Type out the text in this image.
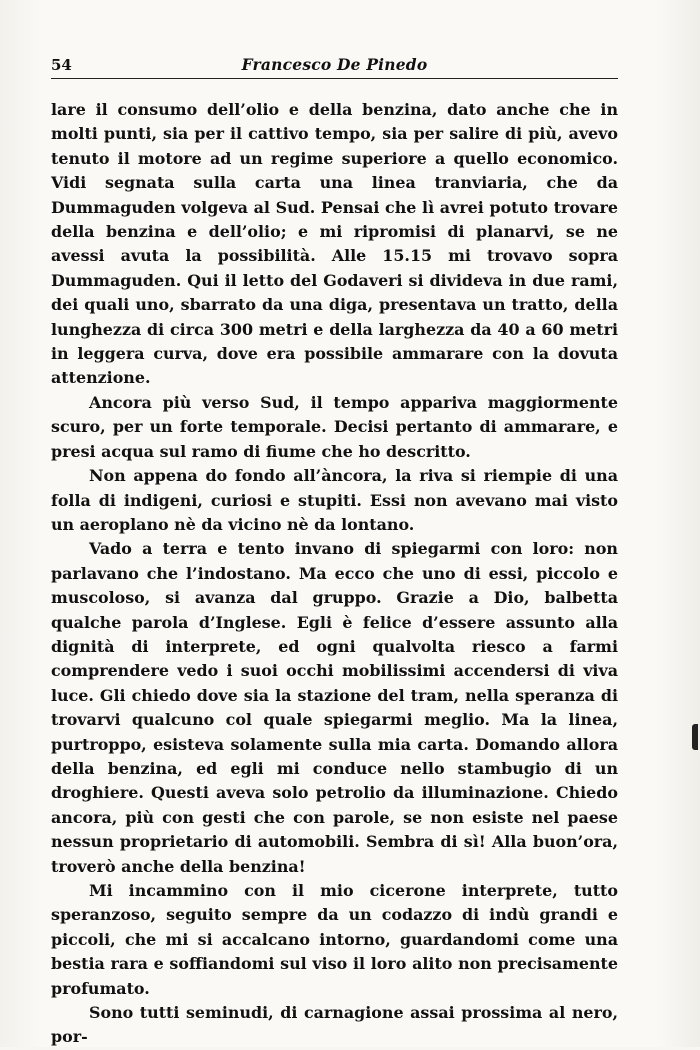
54	Francesco De Pinedo

lare il consumo dell’olio e della benzina, dato anche che in molti punti, sia per il cattivo tempo, sia per salire di più, avevo tenuto il motore ad un regime superiore a quello economico. Vidi segnata sulla carta una linea tranviaria, che da Dummaguden volgeva al Sud. Pensai che lì avrei potuto trovare della benzina e dell’olio; e mi ripromisi di planarvi, se ne avessi avuta la possibilità. Alle 15.15 mi trovavo sopra Dummaguden. Qui il letto del Godaveri si divideva in due rami, dei quali uno, sbarrato da una diga, presentava un tratto, della lunghezza di circa 300 metri e della larghezza da 40 a 60 metri in leggera curva, dove era possibile ammarare con la dovuta attenzione.

Ancora più verso Sud, il tempo appariva maggiormente scuro, per un forte temporale. Decisi pertanto di ammarare, e presi acqua sul ramo di fiume che ho descritto.

Non appena do fondo all’àncora, la riva si riempie di una folla di indigeni, curiosi e stupiti. Essi non avevano mai visto un aeroplano nè da vicino nè da lontano.

Vado a terra e tento invano di spiegarmi con loro: non parlavano che l’indostano. Ma ecco che uno di essi, piccolo e muscoloso, si avanza dal gruppo. Grazie a Dio, balbetta qualche parola d’Inglese. Egli è felice d’essere assunto alla dignità di interprete, ed ogni qualvolta riesco a farmi comprendere vedo i suoi occhi mobilissimi accendersi di viva luce. Gli chiedo dove sia la stazione del tram, nella speranza di trovarvi qualcuno col quale spiegarmi meglio. Ma la linea, purtroppo, esisteva solamente sulla mia carta. Domando allora della benzina, ed egli mi conduce nello stambugio di un droghiere. Questi aveva solo petrolio da illuminazione. Chiedo ancora, più con gesti che con parole, se non esiste nel paese nessun proprietario di automobili. Sembra di sì! Alla buon’ora, troverò anche della benzina!

Mi incammino con il mio cicerone interprete, tutto speranzoso, seguito sempre da un codazzo di indù grandi e piccoli, che mi si accalcano intorno, guardandomi come una bestia rara e soffiandomi sul viso il loro alito non precisamente profumato.

Sono tutti seminudi, di carnagione assai prossima al nero, por-
